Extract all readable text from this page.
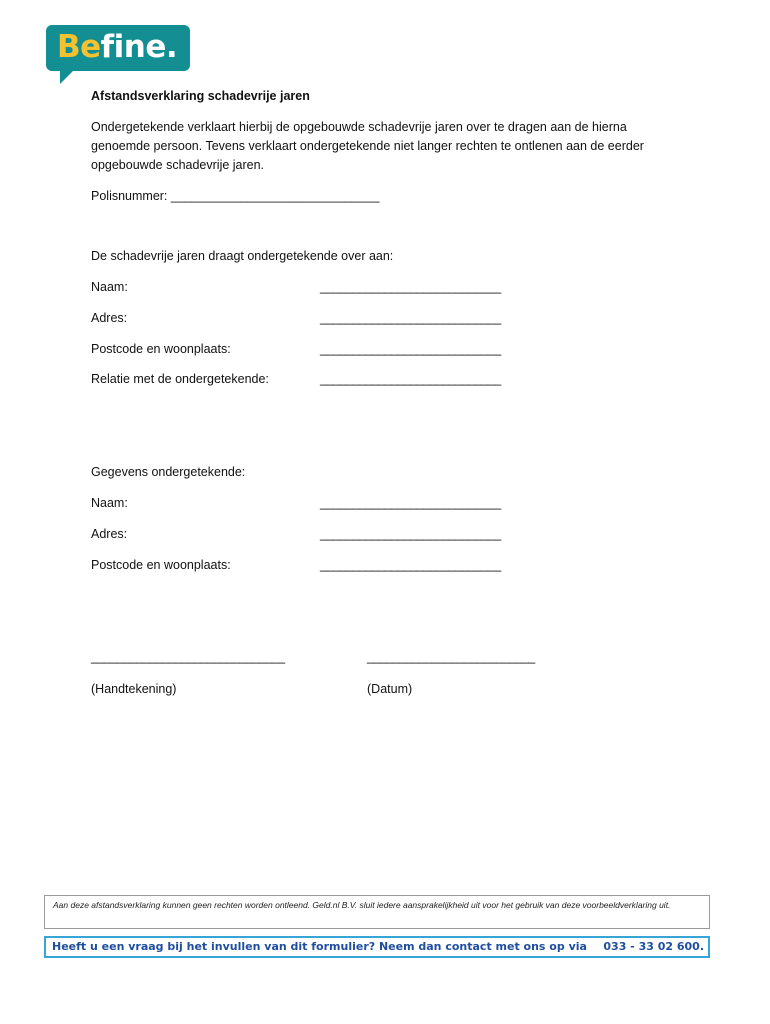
Befine.
Afstandsverklaring schadevrije jaren
Ondergetekende verklaart hierbij de opgebouwde schadevrije jaren over te dragen aan de hierna
genoemde persoon. Tevens verklaart ondergetekende niet langer rechten te ontlenen aan de eerder
opgebouwde schadevrije jaren.
Polisnummer: ______________________________
De schadevrije jaren draagt ondergetekende over aan:
Naam:	____________________________
Adres:	____________________________
Postcode en woonplaats:	____________________________
Relatie met de ondergetekende:	____________________________
Gegevens ondergetekende:
Naam:	____________________________
Adres:	____________________________
Postcode en woonplaats:	____________________________
______________________________	__________________________
(Handtekening)	(Datum)
Aan deze afstandsverklaring kunnen geen rechten worden ontleend. Geld.nl B.V. sluit iedere aansprakelijkheid uit voor het gebruik van deze voorbeeldverklaring uit.
Heeft u een vraag bij het invullen van dit formulier? Neem dan contact met ons op via 033 - 33 02 600.
